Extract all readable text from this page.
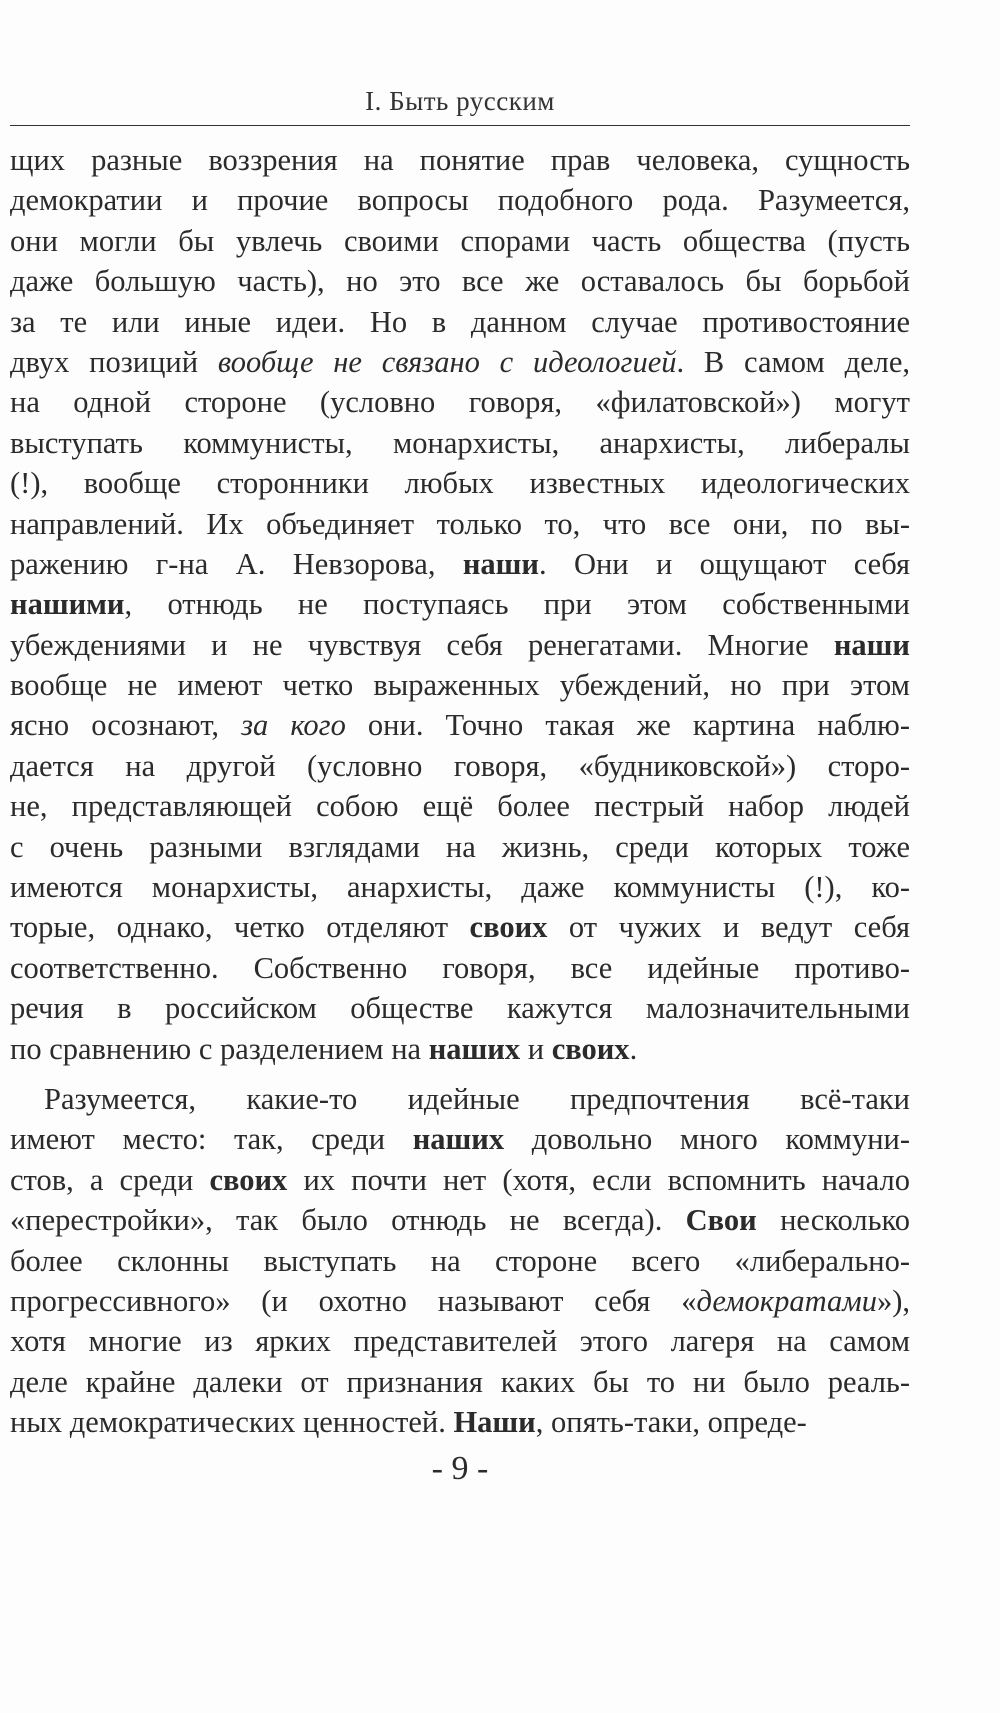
I. Быть русским
щих разные воззрения на понятие прав человека, сущность
демократии и прочие вопросы подобного рода. Разумеется,
они могли бы увлечь своими спорами часть общества (пусть
даже большую часть), но это все же оставалось бы борьбой
за те или иные идеи. Но в данном случае противостояние
двух позиций вообще не связано с идеологией. В самом деле,
на одной стороне (условно говоря, «филатовской») могут
выступать коммунисты, монархисты, анархисты, либералы
(!), вообще сторонники любых известных идеологических
направлений. Их объединяет только то, что все они, по вы-
ражению г-на А. Невзорова, наши. Они и ощущают себя
нашими, отнюдь не поступаясь при этом собственными
убеждениями и не чувствуя себя ренегатами. Многие наши
вообще не имеют четко выраженных убеждений, но при этом
ясно осознают, за кого они. Точно такая же картина наблю-
дается на другой (условно говоря, «будниковской») сторо-
не, представляющей собою ещё более пестрый набор людей
с очень разными взглядами на жизнь, среди которых тоже
имеются монархисты, анархисты, даже коммунисты (!), ко-
торые, однако, четко отделяют своих от чужих и ведут себя
соответственно. Собственно говоря, все идейные противо-
речия в российском обществе кажутся малозначительными
по сравнению с разделением на наших и своих.
Разумеется, какие-то идейные предпочтения всё-таки
имеют место: так, среди наших довольно много коммуни-
стов, а среди своих их почти нет (хотя, если вспомнить начало
«перестройки», так было отнюдь не всегда). Свои несколько
более склонны выступать на стороне всего «либерально-
прогрессивного» (и охотно называют себя «демократами»),
хотя многие из ярких представителей этого лагеря на самом
деле крайне далеки от признания каких бы то ни было реаль-
ных демократических ценностей. Наши, опять-таки, опреде-
- 9 -
